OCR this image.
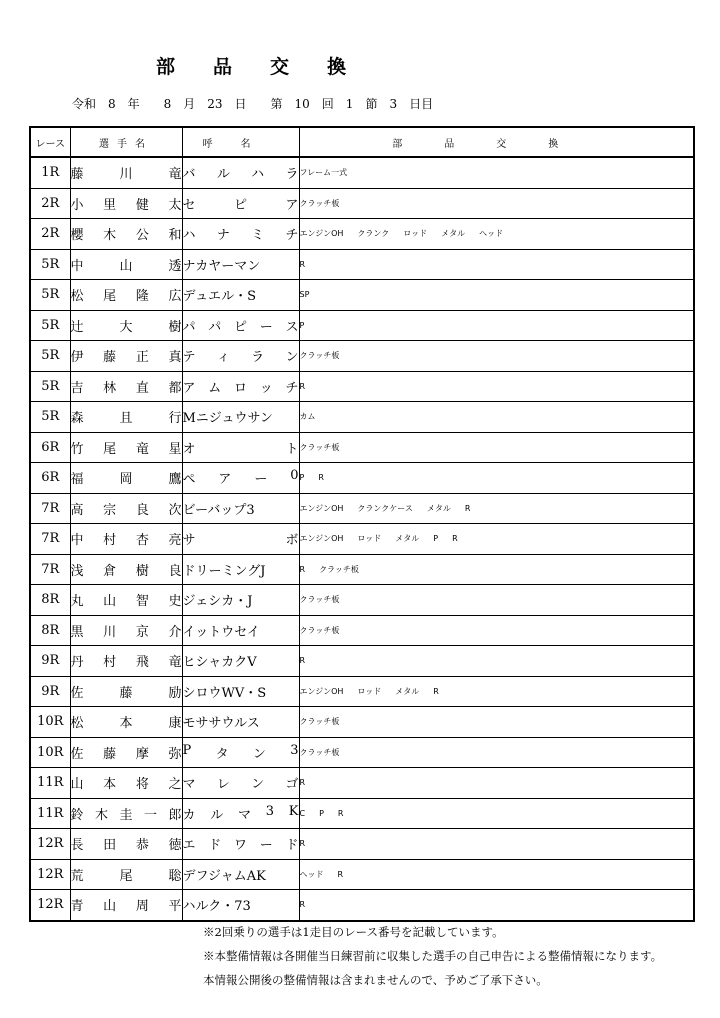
部品交換
令和　8　年　　8　月　23　日　　第　10　回　1　節　3　日目
レース	選手名	呼名	部品交換
1R	藤 川 竜	バ ル ハ ラ	フレーム一式
2R	小 里 健 太	セ ピ ア	クラッチ板
2R	櫻 木 公 和	ハ ナ ミ チ	エンジンOH クランク ロッド メタル ヘッド
5R	中 山 透	ナカヤーマン	R
5R	松 尾 隆 広	デュエル・S	SP
5R	辻 大 樹	パ パ ピ ー ス	P
5R	伊 藤 正 真	テ ィ ラ ン	クラッチ板
5R	吉 林 直 都	ア ム ロ ッ チ	R
5R	森 且 行	Mニジュウサン	カム
6R	竹 尾 竜 星	オ ト	クラッチ板
6R	福 岡 鷹	ペ ア ー 0	P R
7R	高 宗 良 次	ビーバップ3	エンジンOH クランクケース メタル R
7R	中 村 杏 亮	サ ボ	エンジンOH ロッド メタル P R
7R	浅 倉 樹 良	ドリーミングJ	R クラッチ板
8R	丸 山 智 史	ジェシカ・J	クラッチ板
8R	黒 川 京 介	イットウセイ	クラッチ板
9R	丹 村 飛 竜	ヒシャカクV	R
9R	佐 藤 励	シロウWV・S	エンジンOH ロッド メタル R
10R	松 本 康	モササウルス	クラッチ板
10R	佐 藤 摩 弥	P タ ン 3	クラッチ板
11R	山 本 将 之	マ レ ン ゴ	R
11R	鈴 木 圭 一 郎	カ ル マ 3 K	C P R
12R	長 田 恭 徳	エ ド ワ ー ド	R
12R	荒 尾 聡	デフジャムAK	ヘッド R
12R	青 山 周 平	ハルク・73	R
※2回乗りの選手は1走目のレース番号を記載しています。
※本整備情報は各開催当日練習前に収集した選手の自己申告による整備情報になります。
本情報公開後の整備情報は含まれませんので、予めご了承下さい。
